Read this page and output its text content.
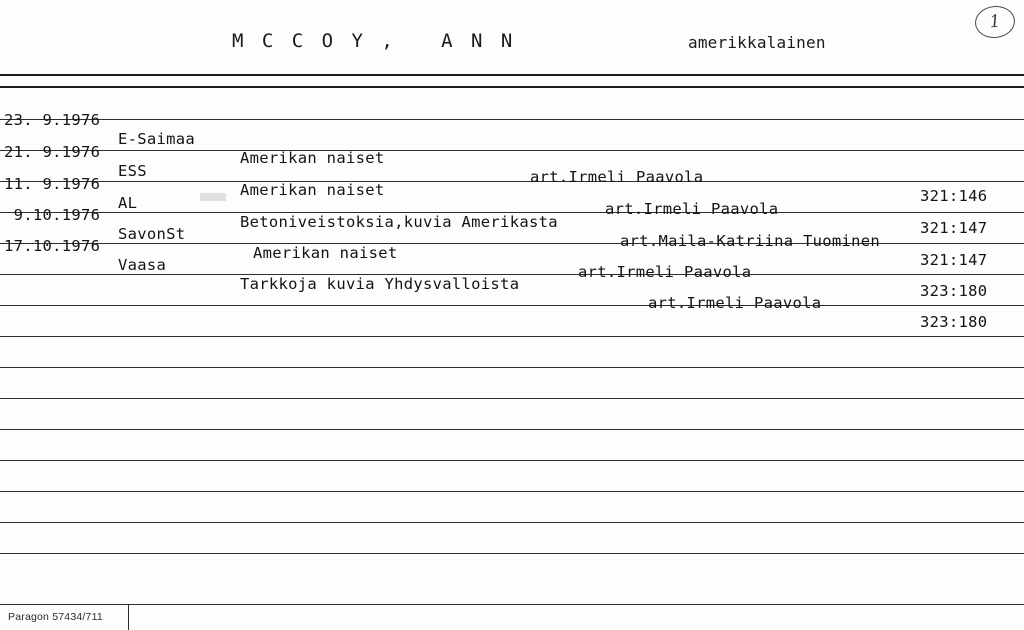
M C C O Y ,   A N N	amerikkalainen
1

23. 9.1976

E-Saimaa

Amerikan naiset

art.Irmeli Paavola

321:146

21. 9.1976

ESS

Amerikan naiset

art.Irmeli Paavola

321:147

11. 9.1976

AL

Betoniveistoksia,kuvia Amerikasta

art.Maila-Katriina Tuominen

321:147

9.10.1976

SavonSt

Amerikan naiset

art.Irmeli Paavola

323:180

17.10.1976

Vaasa

Tarkkoja kuvia Yhdysvalloista

art.Irmeli Paavola

323:180

Paragon 57434/711
